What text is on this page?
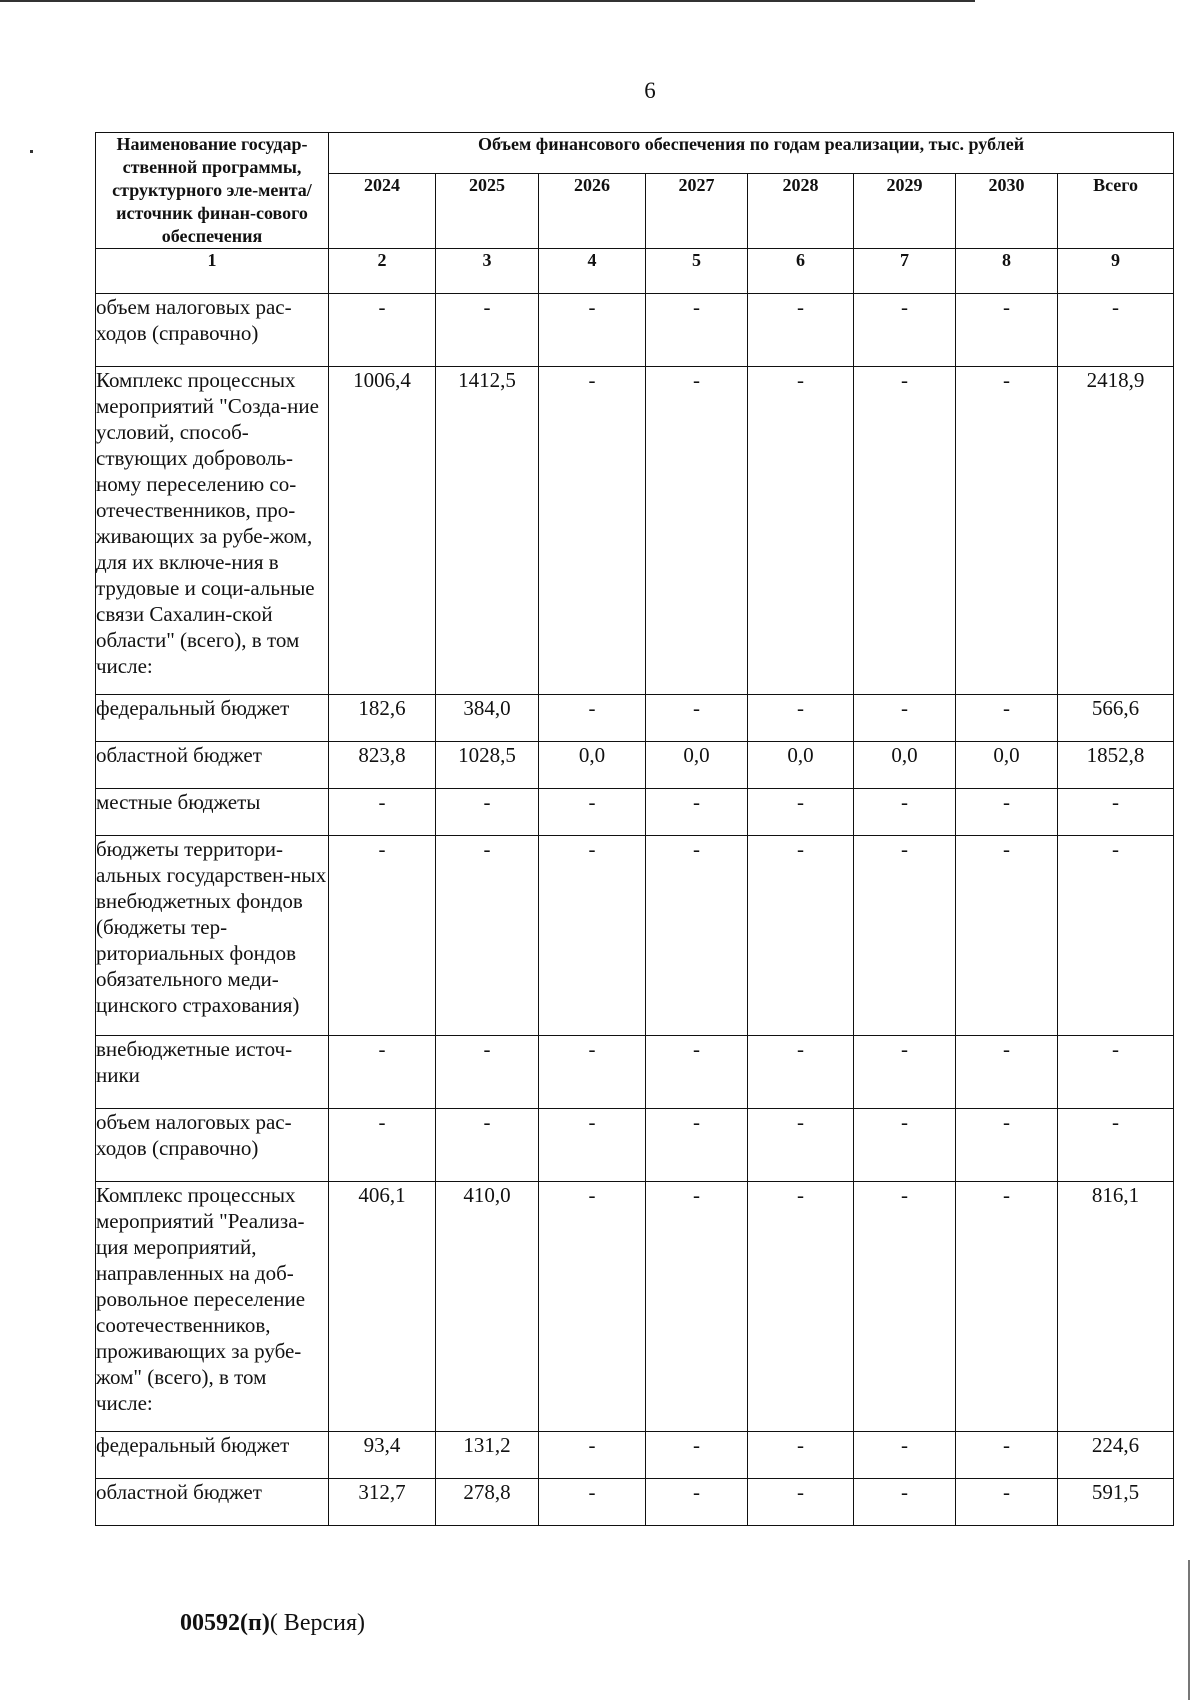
6
Наименование государ-ственной программы, структурного эле-мента/источник финан-сового обеспечения	Объем финансового обеспечения по годам реализации, тыс. рублей							
	2024	2025	2026	2027	2028	2029	2030	Всего
1	2	3	4	5	6	7	8	9
объем налоговых рас-ходов (справочно)	-	-	-	-	-	-	-	-
Комплекс процессных мероприятий "Созда-ние условий, способ-ствующих доброволь-ному переселению со-отечественников, про-живающих за рубе-жом, для их включе-ния в трудовые и соци-альные связи Сахалин-ской области" (всего), в том числе:	1006,4	1412,5	-	-	-	-	-	2418,9
федеральный бюджет	182,6	384,0	-	-	-	-	-	566,6
областной бюджет	823,8	1028,5	0,0	0,0	0,0	0,0	0,0	1852,8
местные бюджеты	-	-	-	-	-	-	-	-
бюджеты территори-альных государствен-ных внебюджетных фондов (бюджеты тер-риториальных фондов обязательного меди-цинского страхования)	-	-	-	-	-	-	-	-
внебюджетные источ-ники	-	-	-	-	-	-	-	-
объем налоговых рас-ходов (справочно)	-	-	-	-	-	-	-	-
Комплекс процессных мероприятий "Реализа-ция мероприятий, направленных на доб-ровольное переселение соотечественников, проживающих за рубе-жом" (всего), в том числе:	406,1	410,0	-	-	-	-	-	816,1
федеральный бюджет	93,4	131,2	-	-	-	-	-	224,6
областной бюджет	312,7	278,8	-	-	-	-	-	591,5
00592(п)( Версия)
